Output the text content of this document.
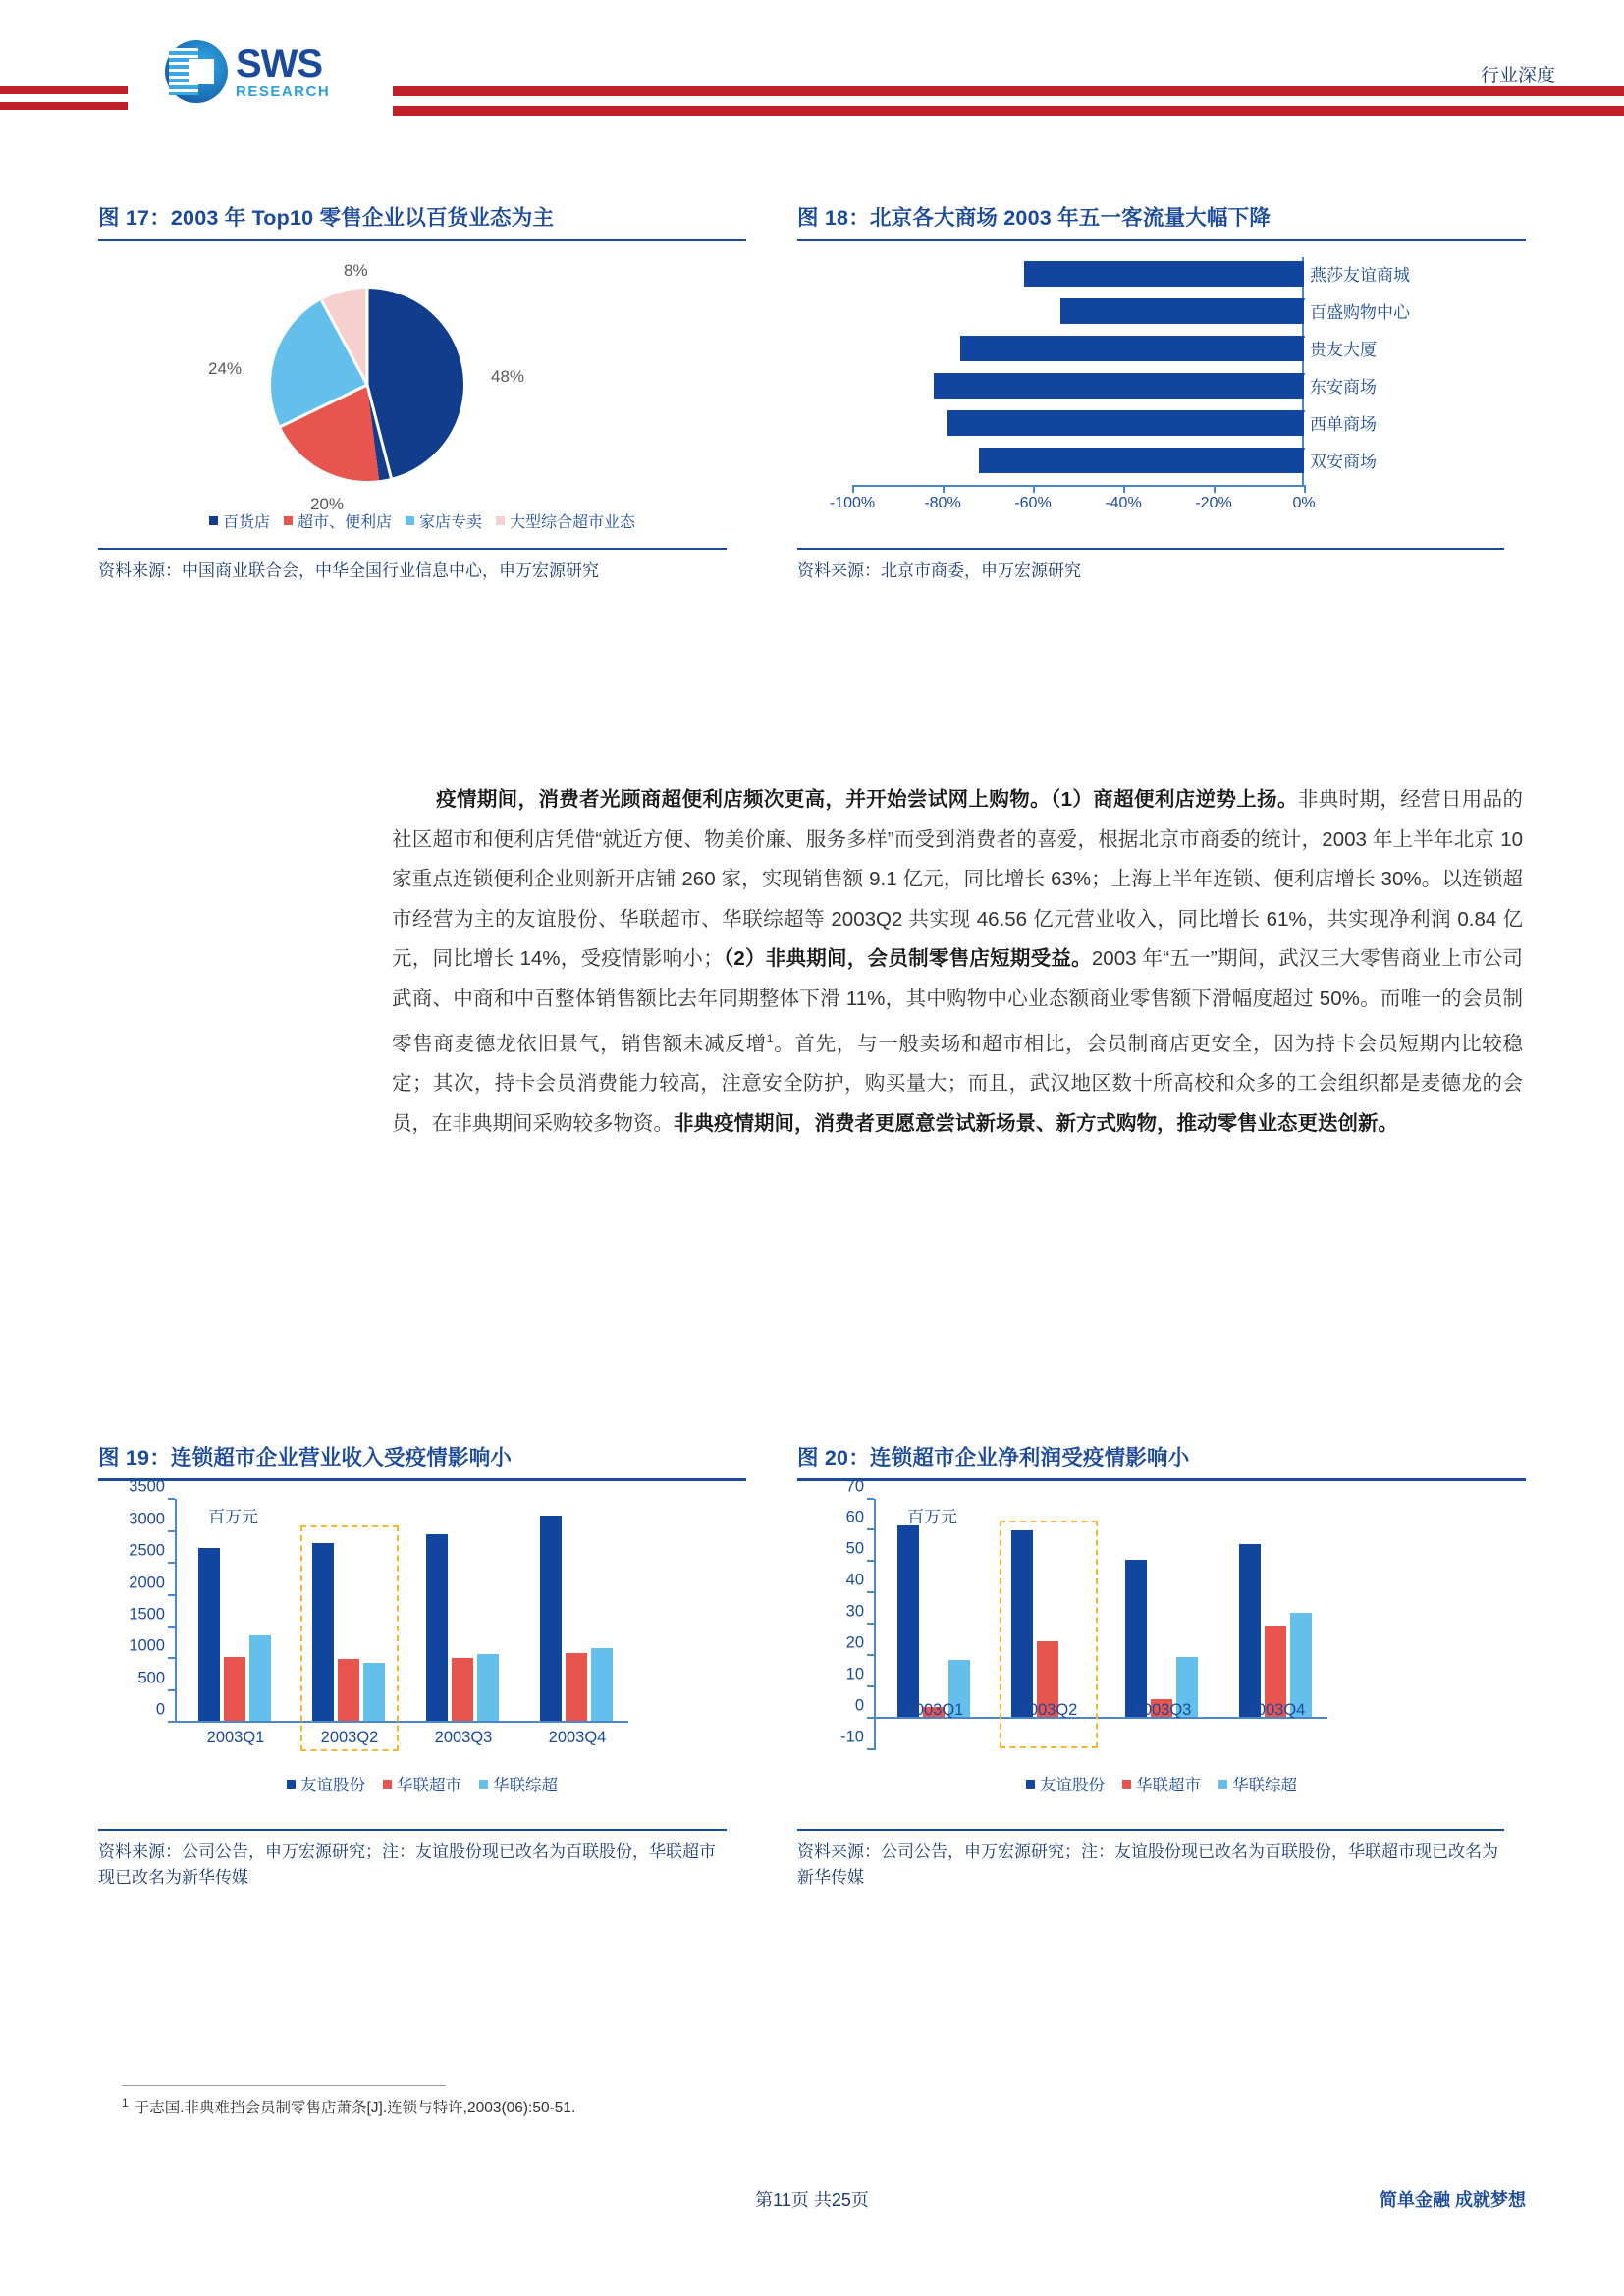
SWS
RESEARCH
行业深度
图 17：2003 年 Top10 零售企业以百货业态为主
48%
20%
24%
8%
百货店 超市、便利店 家店专卖 大型综合超市业态
资料来源：中国商业联合会，中华全国行业信息中心，申万宏源研究
图 18：北京各大商场 2003 年五一客流量大幅下降
燕莎友谊商城
百盛购物中心
贵友大厦
东安商场
西单商场
双安商场
-100%	-80%	-60%	-40%	-20%	0%
资料来源：北京市商委，申万宏源研究
疫情期间，消费者光顾商超便利店频次更高，并开始尝试网上购物。（1）商超便利店逆势上扬。非典时期，经营日用品的社区超市和便利店凭借“就近方便、物美价廉、服务多样”而受到消费者的喜爱，根据北京市商委的统计，2003 年上半年北京 10 家重点连锁便利企业则新开店铺 260 家，实现销售额 9.1 亿元，同比增长 63%；上海上半年连锁、便利店增长 30%。以连锁超市经营为主的友谊股份、华联超市、华联综超等 2003Q2 共实现 46.56 亿元营业收入，同比增长 61%，共实现净利润 0.84 亿元，同比增长 14%，受疫情影响小；（2）非典期间，会员制零售店短期受益。2003 年“五一”期间，武汉三大零售商业上市公司武商、中商和中百整体销售额比去年同期整体下滑 11%，其中购物中心业态额商业零售额下滑幅度超过 50%。而唯一的会员制零售商麦德龙依旧景气，销售额未减反增$^1$。首先，与一般卖场和超市相比，会员制商店更安全，因为持卡会员短期内比较稳定；其次，持卡会员消费能力较高，注意安全防护，购买量大；而且，武汉地区数十所高校和众多的工会组织都是麦德龙的会员，在非典期间采购较多物资。非典疫情期间，消费者更愿意尝试新场景、新方式购物，推动零售业态更迭创新。
图 19：连锁超市企业营业收入受疫情影响小
3500
3000
2500
2000
1500
1000
500
0
百万元
2003Q1	2003Q2	2003Q3	2003Q4
友谊股份 华联超市 华联综超
资料来源：公司公告，申万宏源研究；注：友谊股份现已改名为百联股份，华联超市现已改名为新华传媒
图 20：连锁超市企业净利润受疫情影响小
70
60
50
40
30
20
10
0
-10
百万元
2003Q1	2003Q2	2003Q3	2003Q4
友谊股份 华联超市 华联综超
资料来源：公司公告，申万宏源研究；注：友谊股份现已改名为百联股份，华联超市现已改名为新华传媒
$^1$ 于志国.非典难挡会员制零售店萧条[J].连锁与特许,2003(06):50-51.
第11页 共25页	简单金融 成就梦想
